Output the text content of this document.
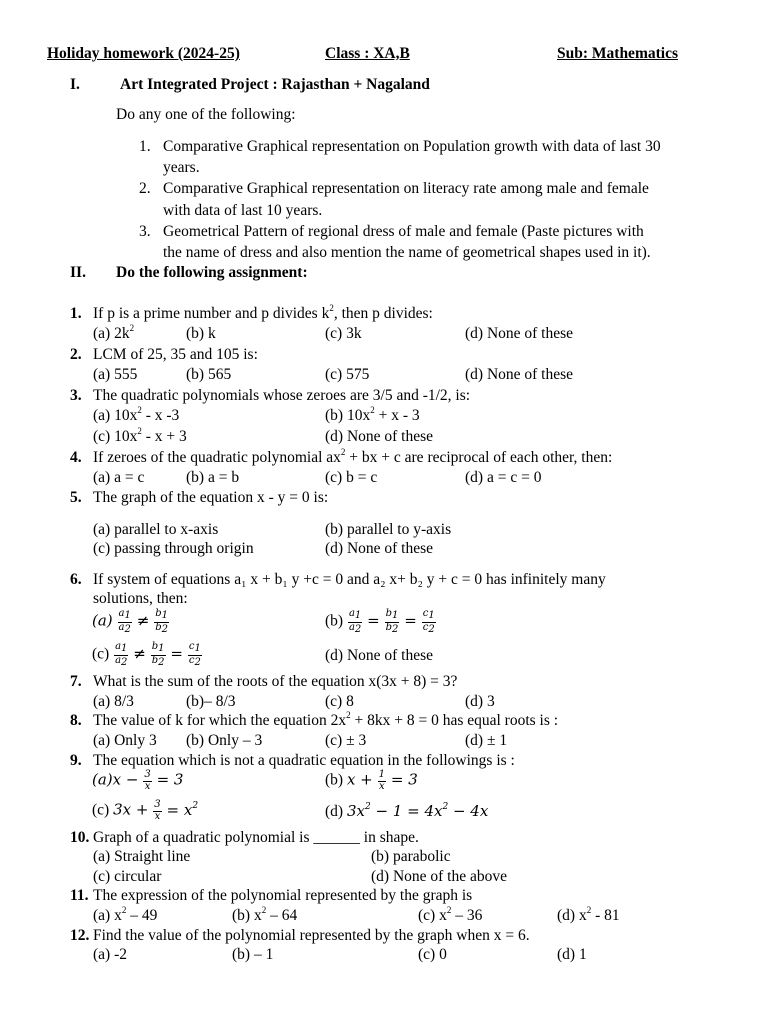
Holiday homework (2024-25)	Class : XA,B	Sub: Mathematics
I.	Art Integrated Project : Rajasthan + Nagaland
Do any one of the following:
1. Comparative Graphical representation on Population growth with data of last 30
years.
2. Comparative Graphical representation on literacy rate among male and female
with data of last 10 years.
3. Geometrical Pattern of regional dress of male and female (Paste pictures with
the name of dress and also mention the name of geometrical shapes used in it).
II. Do the following assignment:
1. If p is a prime number and p divides $k^2$, then p divides:
(a) $2k^2$	(b) k	(c) 3k	(d) None of these
2. LCM of 25, 35 and 105 is:
(a) 555	(b) 565	(c) 575	(d) None of these
3. The quadratic polynomials whose zeroes are 3/5 and -1/2, is:
(a) $10x^2$ - x -3	(b) $10x^2 + x - 3$
(c) $10x^2 - x + 3$	(d) None of these
4. If zeroes of the quadratic polynomial $ax^2$ + bx + c are reciprocal of each other, then:
(a) a = c	(b) a = b	(c) b = c	(d) a = c = 0
5. The graph of the equation x - y = 0 is:
(a) parallel to x-axis	(b) parallel to y-axis
(c) passing through origin	(d) None of these
6. If system of equations a₁ x + b₁ y +c = 0 and a₂ x+ b₂ y + c = 0 has infinitely many
solutions, then:
$(a) \frac{a1}{a2} \ne \frac{b1}{b2}$	$(b) \frac{a1}{a2} = \frac{b1}{b2} = \frac{c1}{c2}$
$(c) \frac{a1}{a2} \ne \frac{b1}{b2} = \frac{c1}{c2}$	(d) None of these
7. What is the sum of the roots of the equation x(3x + 8) = 3?
(a) 8/3	(b)– 8/3	(c) 8	(d) 3
8. The value of k for which the equation $2x^2 + 8kx + 8 = 0$ has equal roots is :
(a) Only 3 (b) Only – 3	(c) ± 3	(d) ± 1
9. The equation which is not a quadratic equation in the followings is :
$(a)x - \frac{3}{x} = 3$	(b) $x + \frac{1}{x} = 3$
(c) $3x + \frac{3}{x} = x^2$	(d) $3x^2 - 1 = 4x^2 - 4x$
10. Graph of a quadratic polynomial is ______ in shape.
(a) Straight line	(b) parabolic
(c) circular	(d) None of the above
11. The expression of the polynomial represented by the graph is
(a) $x^2 - 49$	(b) $x^2 - 64$	(c) $x^2 - 36$	(d) $x^2 - 81$
12. Find the value of the polynomial represented by the graph when x = 6.
(a) -2	(b) – 1	(c) 0	(d) 1
